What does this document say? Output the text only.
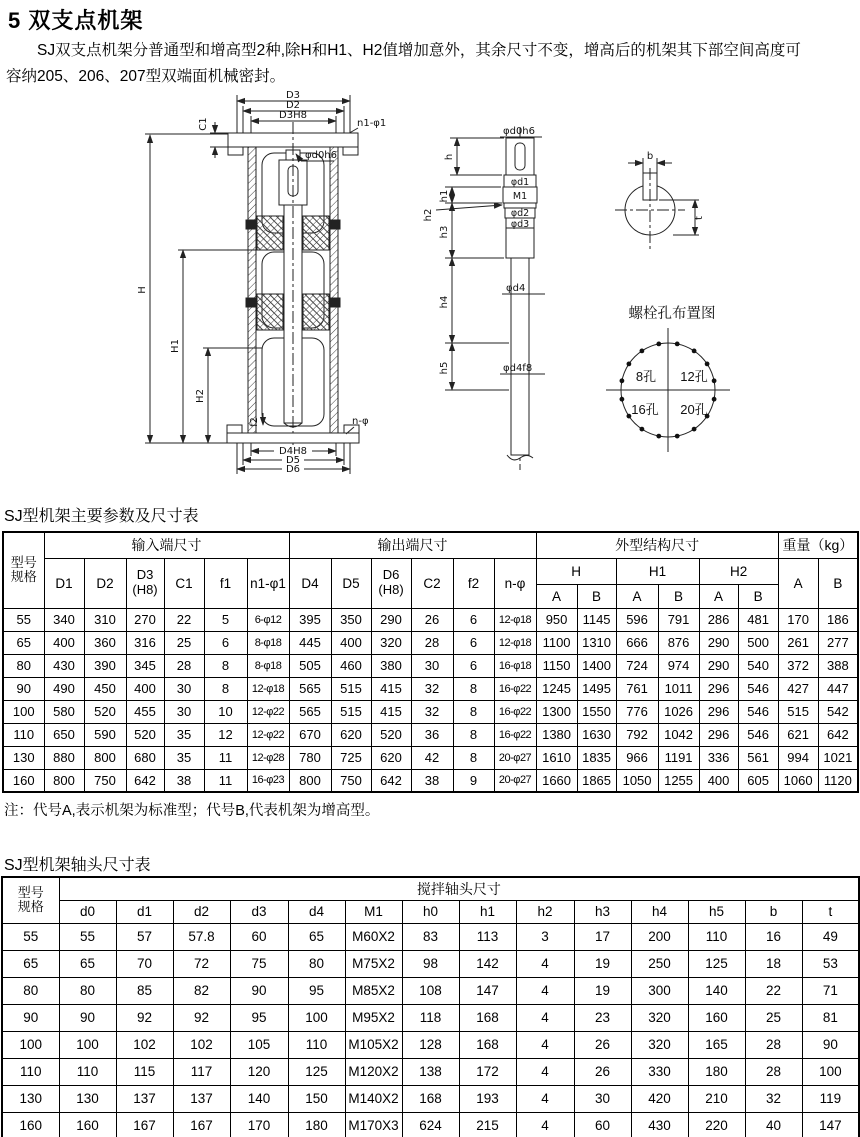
5 双支点机架
　　SJ双支点机架分普通型和增高型2种,除H和H1、H2值增加意外，其余尺寸不变，增高后的机架其下部空间高度可
容纳205、206、207型双端面机械密封。
D3
D2
D3H8
C1	n1-φ1
φd0h6
H
H1
H2
f2	n-φ
D4H8
D5
D6
φd0h6
h
φd1
M1
h1
h2	φd2
φd3
h3
h4
φd4
h5	φd4f8
b
t
螺栓孔布置图
8孔 12孔
16孔 20孔
SJ型机架主要参数及尺寸表
型号
规格	输入端尺寸						输出端尺寸						外型结构尺寸						重量（kg）	
D1	D2	
D3
(H8)	C1	f1	n1-φ1	D4	D5	
D6
(H8)	C2	f2	n-φ	H	H1	H2	A	B
													A	B	A	B	A	B		
55	340	310	270	22	5	6-φ12	395	350	290	26	6	12-φ18	950	1145	596	791	286	481	170	186
65	400	360	316	25	6	8-φ18	445	400	320	28	6	12-φ18	1100	1310	666	876	290	500	261	277
80	430	390	345	28	8	8-φ18	505	460	380	30	6	16-φ18	1150	1400	724	974	290	540	372	388
90	490	450	400	30	8	12-φ18	565	515	415	32	8	16-φ22	1245	1495	761	1011	296	546	427	447
100	580	520	455	30	10	12-φ22	565	515	415	32	8	16-φ22	1300	1550	776	1026	296	546	515	542
110	650	590	520	35	12	12-φ22	670	620	520	36	8	16-φ22	1380	1630	792	1042	296	546	621	642
130	880	800	680	35	11	12-φ28	780	725	620	42	8	20-φ27	1610	1835	966	1191	336	561	994	1021
160	800	750	642	38	11	16-φ23	800	750	642	38	9	20-φ27	1660	1865	1050	1255	400	605	1060	1120
注：代号A,表示机架为标准型；代号B,代表机架为增高型。
SJ型机架轴头尺寸表
型号
规格	搅拌轴头尺寸													
	d0	d1	d2	d3	d4	M1	h0	h1	h2	h3	h4	h5	b	t
55	55	57	57.8	60	65	M60X2	83	113	3	17	200	110	16	49
65	65	70	72	75	80	M75X2	98	142	4	19	250	125	18	53
80	80	85	82	90	95	M85X2	108	147	4	19	300	140	22	71
90	90	92	92	95	100	M95X2	118	168	4	23	320	160	25	81
100	100	102	102	105	110	M105X2	128	168	4	26	320	165	28	90
110	110	115	117	120	125	M120X2	138	172	4	26	330	180	28	100
130	130	137	137	140	150	M140X2	168	193	4	30	420	210	32	119
160	160	167	167	170	180	M170X3	624	215	4	60	430	220	40	147
